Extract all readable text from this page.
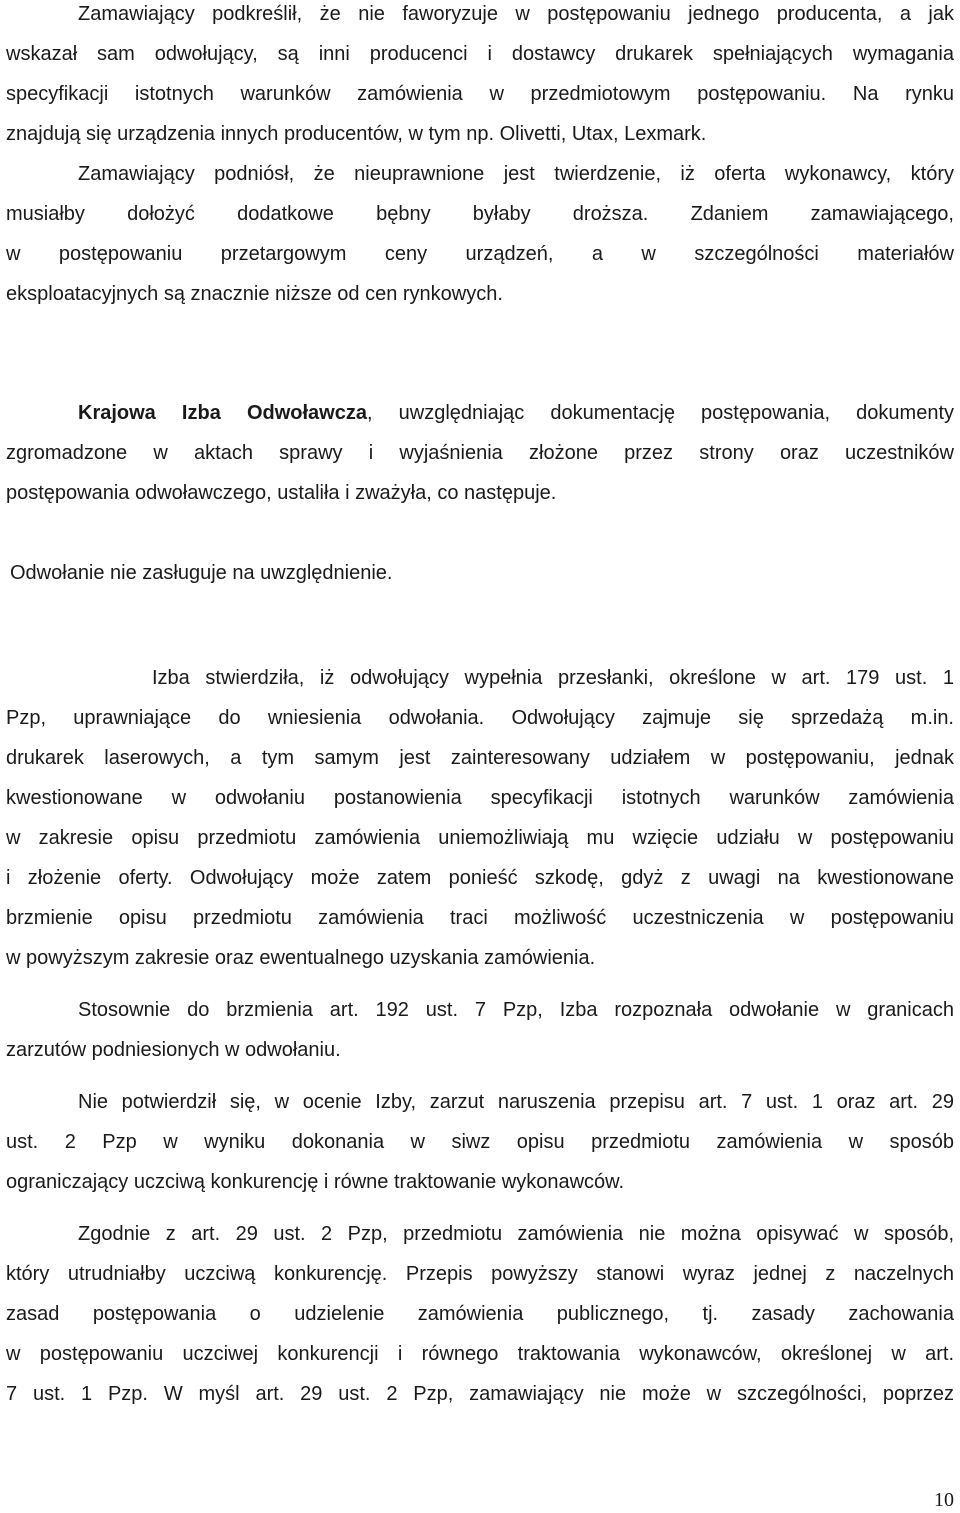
Zamawiający podkreślił, że nie faworyzuje w postępowaniu jednego producenta, a jak
wskazał sam odwołujący, są inni producenci i dostawcy drukarek spełniających wymagania
specyfikacji istotnych warunków zamówienia w przedmiotowym postępowaniu. Na rynku
znajdują się urządzenia innych producentów, w tym np. Olivetti, Utax, Lexmark.
Zamawiający podniósł, że nieuprawnione jest twierdzenie, iż oferta wykonawcy, który
musiałby dołożyć dodatkowe bębny byłaby droższa. Zdaniem zamawiającego,
w postępowaniu przetargowym ceny urządzeń, a w szczególności materiałów
eksploatacyjnych są znacznie niższe od cen rynkowych.
Krajowa Izba Odwoławcza, uwzględniając dokumentację postępowania, dokumenty
zgromadzone w aktach sprawy i wyjaśnienia złożone przez strony oraz uczestników
postępowania odwoławczego, ustaliła i zważyła, co następuje.
Odwołanie nie zasługuje na uwzględnienie.
Izba stwierdziła, iż odwołujący wypełnia przesłanki, określone w art. 179 ust. 1
Pzp, uprawniające do wniesienia odwołania. Odwołujący zajmuje się sprzedażą m.in.
drukarek laserowych, a tym samym jest zainteresowany udziałem w postępowaniu, jednak
kwestionowane w odwołaniu postanowienia specyfikacji istotnych warunków zamówienia
w zakresie opisu przedmiotu zamówienia uniemożliwiają mu wzięcie udziału w postępowaniu
i złożenie oferty. Odwołujący może zatem ponieść szkodę, gdyż z uwagi na kwestionowane
brzmienie opisu przedmiotu zamówienia traci możliwość uczestniczenia w postępowaniu
w powyższym zakresie oraz ewentualnego uzyskania zamówienia.
Stosownie do brzmienia art. 192 ust. 7 Pzp, Izba rozpoznała odwołanie w granicach
zarzutów podniesionych w odwołaniu.
Nie potwierdził się, w ocenie Izby, zarzut naruszenia przepisu art. 7 ust. 1 oraz art. 29
ust. 2 Pzp w wyniku dokonania w siwz opisu przedmiotu zamówienia w sposób
ograniczający uczciwą konkurencję i równe traktowanie wykonawców.
Zgodnie z art. 29 ust. 2 Pzp, przedmiotu zamówienia nie można opisywać w sposób,
który utrudniałby uczciwą konkurencję. Przepis powyższy stanowi wyraz jednej z naczelnych
zasad postępowania o udzielenie zamówienia publicznego, tj. zasady zachowania
w postępowaniu uczciwej konkurencji i równego traktowania wykonawców, określonej w art.
7 ust. 1 Pzp. W myśl art. 29 ust. 2 Pzp, zamawiający nie może w szczególności, poprzez
10
